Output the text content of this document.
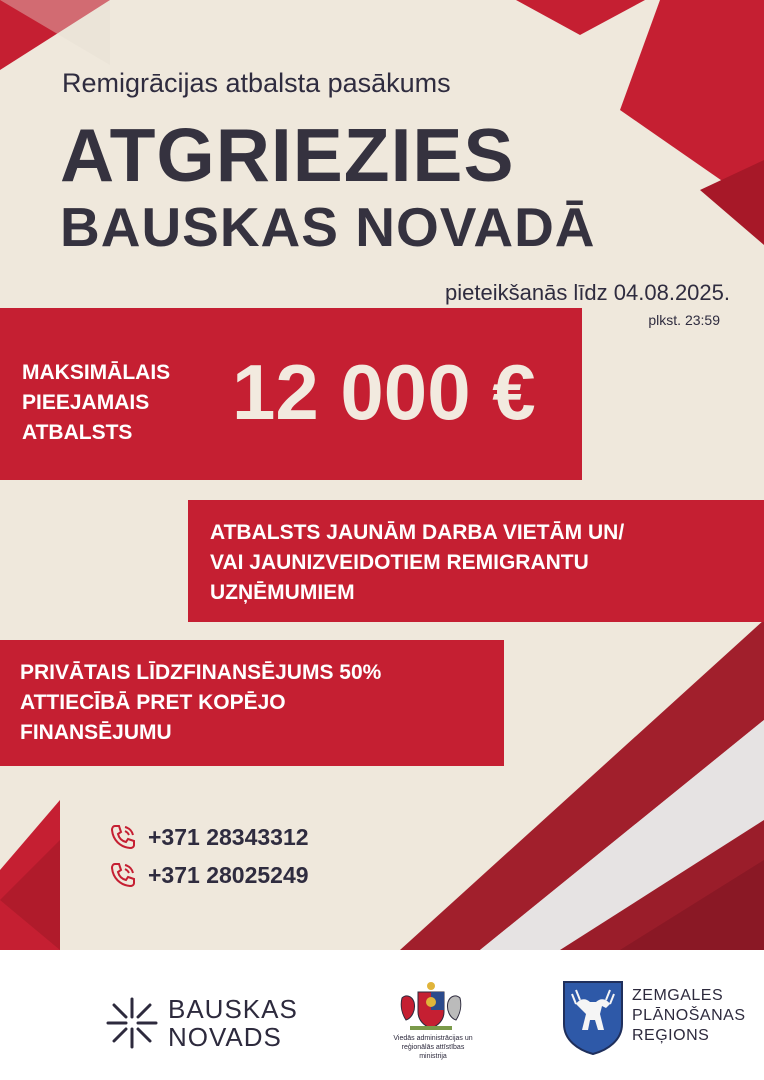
Remigrācijas atbalsta pasākums
ATGRIEZIES
BAUSKAS NOVADĀ
pieteikšanās līdz 04.08.2025.
plkst. 23:59
MAKSIMĀLAIS
PIEEJAMAIS
ATBALSTS	12 000 €
ATBALSTS JAUNĀM DARBA VIETĀM UN/
VAI JAUNIZVEIDOTIEM REMIGRANTU
UZŅĒMUMIEM
PRIVĀTAIS LĪDZFINANSĒJUMS 50%
ATTIECĪBĀ PRET KOPĒJO
FINANSĒJUMU
+371 28343312
+371 28025249
BAUSKAS
NOVADS	Viedās administrācijas un
reģionālās attīstības
ministrija
ZEMGALES
PLĀNOŠANAS
REĢIONS
